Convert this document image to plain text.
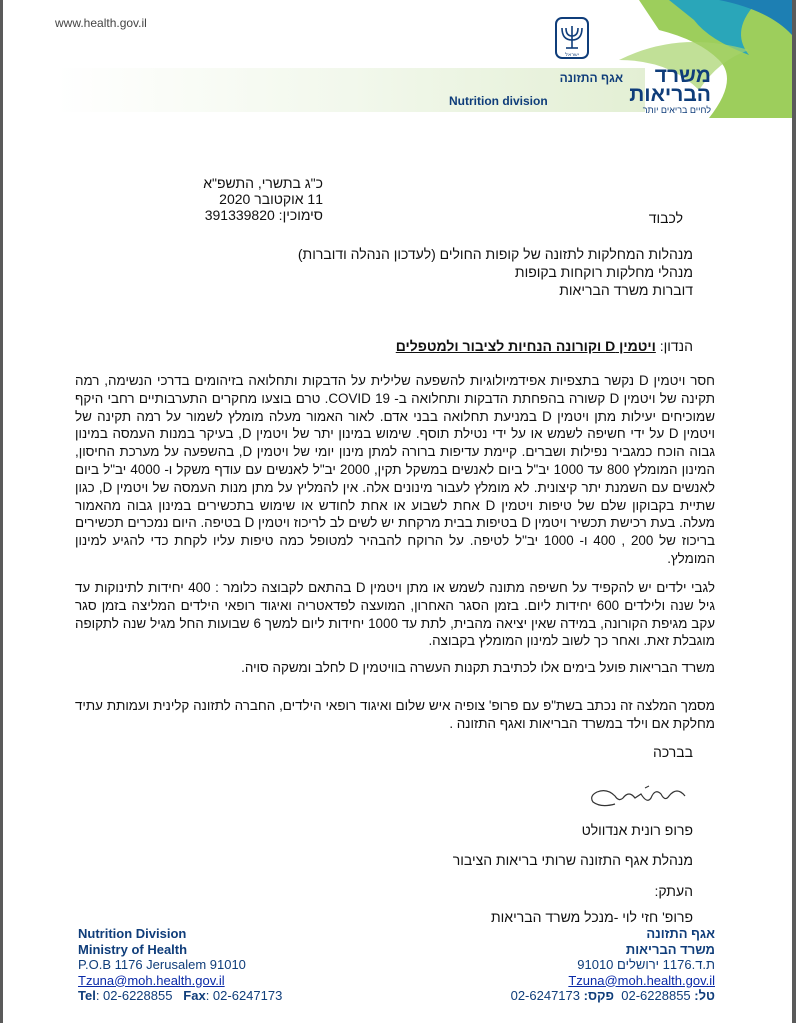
www.health.gov.il
משרד
הבריאות
לחיים בריאים יותר
ישראל
אגף התזונה
Nutrition division
כ"ג בתשרי, התשפ"א
11 אוקטובר 2020
סימוכין: 391339820	לכבוד
מנהלות המחלקות לתזונה של קופות החולים (לעדכון הנהלה ודוברות)
מנהלי מחלקות רוקחות בקופות
דוברות משרד הבריאות
הנדון: ויטמין D וקורונה הנחיות לציבור ולמטפלים
חסר ויטמין D נקשר בתצפיות אפידמיולוגיות להשפעה שלילית על הדבקות ותחלואה בזיהומים בדרכי הנשימה, רמה תקינה של ויטמין D קשורה בהפחתת הדבקות ותחלואה ב- COVID 19. טרם בוצעו מחקרים התערבותיים רחבי היקף שמוכיחים יעילות מתן ויטמין D במניעת תחלואה בבני אדם. לאור האמור מעלה מומלץ לשמור על רמה תקינה של ויטמין D על ידי חשיפה לשמש או על ידי נטילת תוסף. שימוש במינון יתר של ויטמין D, בעיקר במנות העמסה במינון גבוה הוכח כמגביר נפילות ושברים. קיימת עדיפות ברורה למתן מינון יומי של ויטמין D, בהשפעה על מערכת החיסון, המינון המומלץ 800 עד 1000 יב"ל ביום לאנשים במשקל תקין, 2000 יב"ל לאנשים עם עודף משקל ו- 4000 יב"ל ביום לאנשים עם השמנת יתר קיצונית. לא מומלץ לעבור מינונים אלה. אין להמליץ על מתן מנות העמסה של ויטמין D, כגון שתיית בקבוקון שלם של טיפות ויטמין D אחת לשבוע או אחת לחודש או שימוש בתכשירים במינון גבוה מהאמור מעלה. בעת רכישת תכשיר ויטמין D בטיפות בבית מרקחת יש לשים לב לריכוז ויטמין D בטיפה. היום נמכרים תכשירים בריכוז של 200 , 400 ו- 1000 יב"ל לטיפה. על הרוקח להבהיר למטופל כמה טיפות עליו לקחת כדי להגיע למינון המומלץ.
לגבי ילדים יש להקפיד על חשיפה מתונה לשמש או מתן ויטמין D בהתאם לקבוצה כלומר : 400 יחידות לתינוקות עד גיל שנה ולילדים 600 יחידות ליום. בזמן הסגר האחרון, המועצה לפדאטריה ואיגוד רופאי הילדים המליצה בזמן סגר עקב מגיפת הקורונה, במידה שאין יציאה מהבית, לתת עד 1000 יחידות ליום למשך 6 שבועות החל מגיל שנה לתקופה מוגבלת זאת. ואחר כך לשוב למינון המומלץ בקבוצה.
משרד הבריאות פועל בימים אלו לכתיבת תקנות העשרה בוויטמין D לחלב ומשקה סויה.
מסמך המלצה זה נכתב בשת"פ עם פרופ' צופיה איש שלום ואיגוד רופאי הילדים, החברה לתזונה קלינית ועמותת עתיד מחלקת אם וילד במשרד הבריאות ואגף התזונה .
בברכה
פרופ רונית אנדוולט
מנהלת אגף התזונה שרותי בריאות הציבור
העתק:
פרופ' חזי לוי -מנכל משרד הבריאות
Nutrition Division
Ministry of Health
P.O.B 1176 Jerusalem 91010
Tzuna@moh.health.gov.il
Tel: 02-6228855 Fax: 02-6247173
אגף התזונה
משרד הבריאות
ת.ד.1176 ירושלים 91010
Tzuna@moh.health.gov.il
טל: 02-6228855  פקס: 02-6247173
